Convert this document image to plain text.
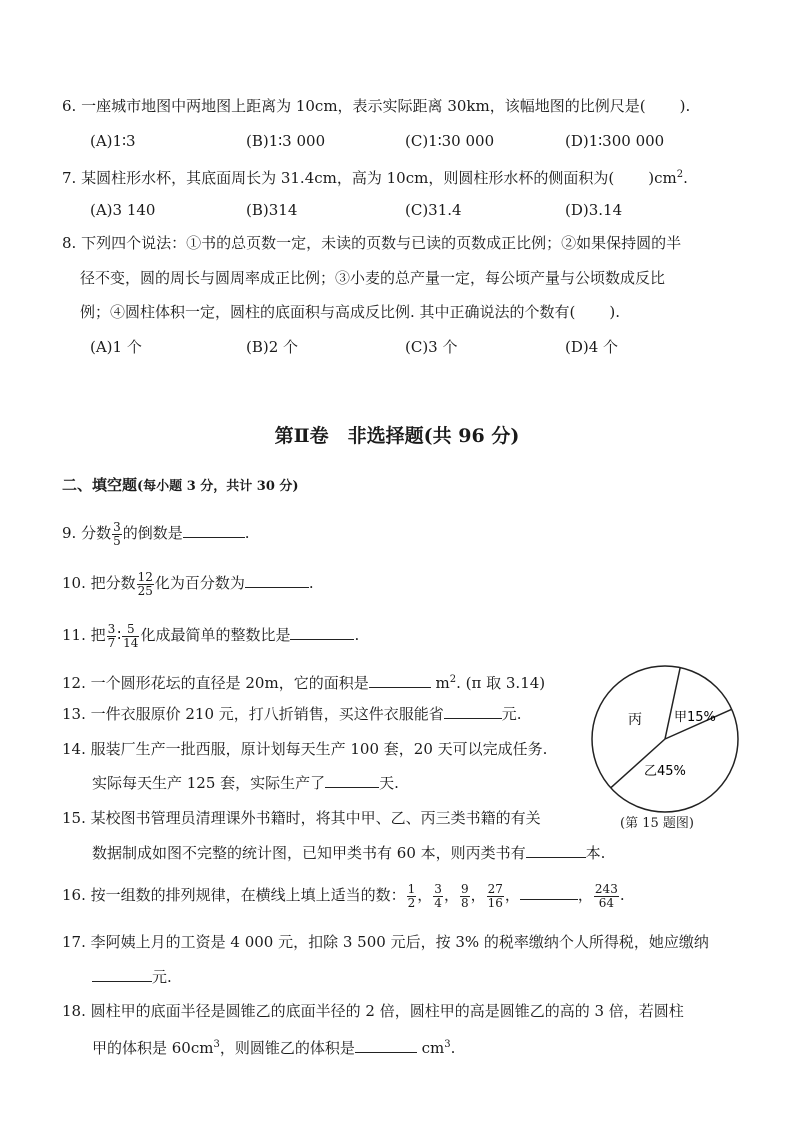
6. 一座城市地图中两地图上距离为 10cm，表示实际距离 30km，该幅地图的比例尺是( ).
(A)1∶3	(B)1∶3 000	(C)1∶30 000	(D)1∶300 000
7. 某圆柱形水杯，其底面周长为 31.4cm，高为 10cm，则圆柱形水杯的侧面积为( )$cm^2$.
(A)3 140	(B)314	(C)31.4	(D)3.14
8. 下列四个说法：①书的总页数一定，未读的页数与已读的页数成正比例；②如果保持圆的半
径不变，圆的周长与圆周率成正比例；③小麦的总产量一定，每公顷产量与公顷数成反比
例；④圆柱体积一定，圆柱的底面积与高成反比例. 其中正确说法的个数有( ).
(A)1 个	(B)2 个	(C)3 个	(D)4 个
第Ⅱ卷　非选择题(共 96 分)
二、填空题(每小题 3 分，共计 30 分)
9. 分数 $\frac{3}{5}$ 的倒数是	.
10. 把分数 $\frac{12}{25}$ 化为百分数为	.
11. 把 $\frac{3}{7}$ ∶ $\frac{5}{14}$ 化成最简单的整数比是	.
12. 一个圆形花坛的直径是 20m，它的面积是	$m^2$. (π 取 3.14)
13. 一件衣服原价 210 元，打八折销售，买这件衣服能省	元.
14. 服装厂生产一批西服，原计划每天生产 100 套，20 天可以完成任务.
实际每天生产 125 套，实际生产了	天.
15. 某校图书管理员清理课外书籍时，将其中甲、乙、丙三类书籍的有关
数据制成如图不完整的统计图，已知甲类书有 60 本，则丙类书有	本.
丙 甲15%
乙45%
(第 15 题图)
16. 按一组数的排列规律，在横线上填上适当的数： $\frac{1}{2}$ ， $\frac{3}{4}$ ， $\frac{9}{8}$ ， $\frac{27}{16}$ ，	， $\frac{243}{64}$ .
17. 李阿姨上月的工资是 4 000 元，扣除 3 500 元后，按 3% 的税率缴纳个人所得税，她应缴纳
元.
18. 圆柱甲的底面半径是圆锥乙的底面半径的 2 倍，圆柱甲的高是圆锥乙的高的 3 倍，若圆柱
甲的体积是 $60cm^3$，则圆锥乙的体积是	$cm^3$.
